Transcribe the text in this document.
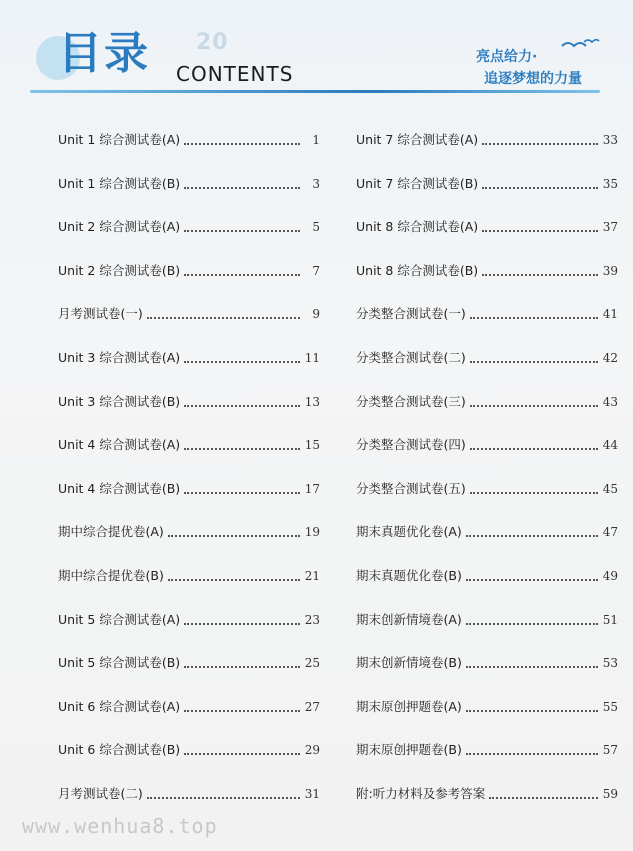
20
目录 CONTENTS
亮点给力·
追逐梦想的力量
Unit 1 综合测试卷(A)	1
Unit 1 综合测试卷(B)	3
Unit 2 综合测试卷(A)	5
Unit 2 综合测试卷(B)	7
月考测试卷(一)	9
Unit 3 综合测试卷(A)	11
Unit 3 综合测试卷(B)	13
Unit 4 综合测试卷(A)	15
Unit 4 综合测试卷(B)	17
期中综合提优卷(A)	19
期中综合提优卷(B)	21
Unit 5 综合测试卷(A)	23
Unit 5 综合测试卷(B)	25
Unit 6 综合测试卷(A)	27
Unit 6 综合测试卷(B)	29
月考测试卷(二)	31
Unit 7 综合测试卷(A)	33
Unit 7 综合测试卷(B)	35
Unit 8 综合测试卷(A)	37
Unit 8 综合测试卷(B)	39
分类整合测试卷(一)	41
分类整合测试卷(二)	42
分类整合测试卷(三)	43
分类整合测试卷(四)	44
分类整合测试卷(五)	45
期末真题优化卷(A)	47
期末真题优化卷(B)	49
期末创新情境卷(A)	51
期末创新情境卷(B)	53
期末原创押题卷(A)	55
期末原创押题卷(B)	57
附:听力材料及参考答案	59
www.wenhua8.top
